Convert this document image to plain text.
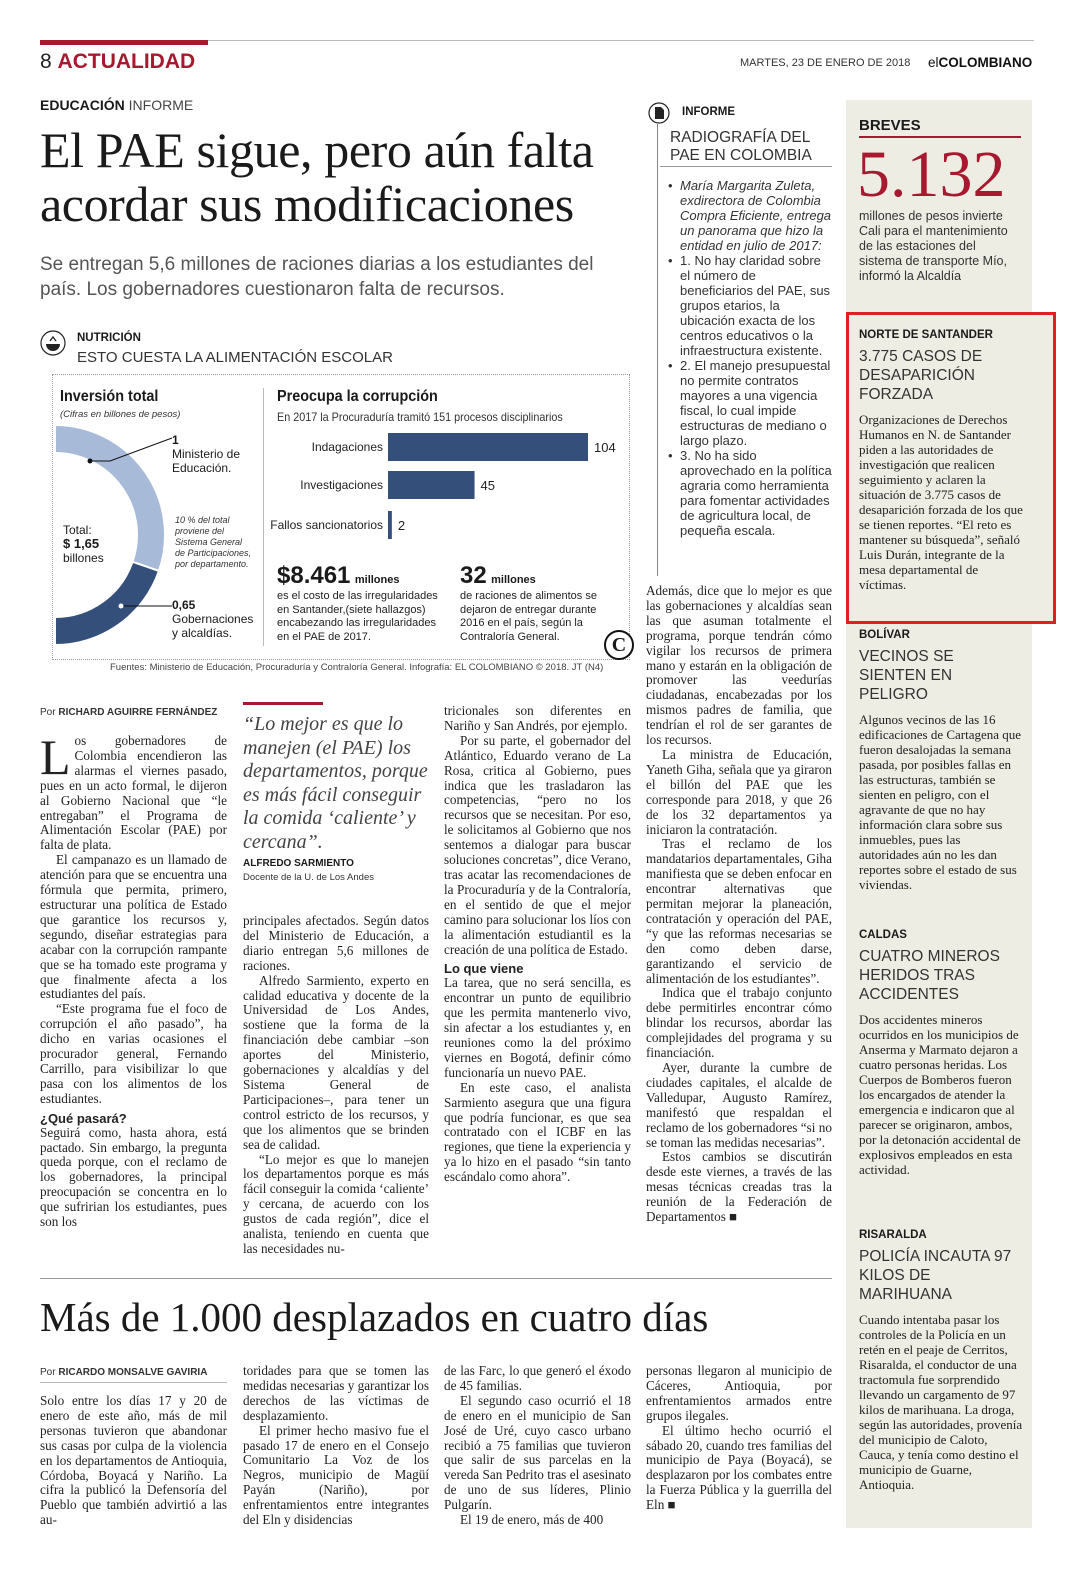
8 ACTUALIDAD	MARTES, 23 DE ENERO DE 2018 elCOLOMBIANO
EDUCACIÓN INFORME
El PAE sigue, pero aún falta acordar sus modificaciones
Se entregan 5,6 millones de raciones diarias a los estudiantes del país. Los gobernadores cuestionaron falta de recursos.
NUTRICIÓN
ESTO CUESTA LA ALIMENTACIÓN ESCOLAR
Inversión total
(Cifras en billones de pesos)
Total:
$ 1,65
billones
1
Ministerio de
Educación.
10 % del total
proviene del
Sistema General
de Participaciones,
por departamento.
0,65
Gobernaciones
y alcaldías.
Preocupa la corrupción
En 2017 la Procuraduría tramitó 151 procesos disciplinarios
Indagaciones	104
Investigaciones	45
Fallos sancionatorios 2
$8.461 millones
es el costo de las irregularidades en Santander,(siete hallazgos) encabezando las irregularidades en el PAE de 2017.
32 millones
de raciones de alimentos se dejaron de entregar durante 2016 en el país, según la Contraloría General.	C
Fuentes: Ministerio de Educación, Procuraduría y Contraloría General. Infografía: EL COLOMBIANO © 2018. JT (N4)
INFORME
RADIOGRAFÍA DEL PAE EN COLOMBIA
• María Margarita Zuleta, exdirectora de Colombia Compra Eficiente, entrega un panorama que hizo la entidad en julio de 2017:
• 1. No hay claridad sobre el número de beneficiarios del PAE, sus grupos etarios, la ubicación exacta de los centros educativos o la infraestructura existente.
• 2. El manejo presupuestal no permite contratos mayores a una vigencia fiscal, lo cual impide estructuras de mediano o largo plazo.
• 3. No ha sido aprovechado en la política agraria como herramienta para fomentar actividades de agricultura local, de pequeña escala.
Por RICHARD AGUIRRE FERNÁNDEZ

Los gobernadores de Colombia encendieron las alarmas el viernes pasado, pues en un acto formal, le dijeron al Gobierno Nacional que “le entregaban” el Programa de Alimentación Escolar (PAE) por falta de plata.

El campanazo es un llamado de atención para que se encuentra una fórmula que permita, primero, estructurar una política de Estado que garantice los recursos y, segundo, diseñar estrategias para acabar con la corrupción rampante que se ha tomado este programa y que finalmente afecta a los estudiantes del país.

“Este programa fue el foco de corrupción el año pasado”, ha dicho en varias ocasiones el procurador general, Fernando Carrillo, para visibilizar lo que pasa con los alimentos de los estudiantes.

¿Qué pasará?

Seguirá como, hasta ahora, está pactado. Sin embargo, la pregunta queda porque, con el reclamo de los gobernadores, la principal preocupación se concentra en lo que sufririan los estudiantes, pues son los

“Lo mejor es que lo manejen (el PAE) los departamentos, porque es más fácil conseguir la comida ‘caliente’ y cercana”.
ALFREDO SARMIENTO
Docente de la U. de Los Andes

principales afectados. Según datos del Ministerio de Educación, a diario entregan 5,6 millones de raciones.

Alfredo Sarmiento, experto en calidad educativa y docente de la Universidad de Los Andes, sostiene que la forma de la financiación debe cambiar –son aportes del Ministerio, gobernaciones y alcaldías y del Sistema General de Participaciones–, para tener un control estricto de los recursos, y que los alimentos que se brinden sea de calidad.

“Lo mejor es que lo manejen los departamentos porque es más fácil conseguir la comida ‘caliente’ y cercana, de acuerdo con los gustos de cada región”, dice el analista, teniendo en cuenta que las necesidades nu-

tricionales son diferentes en Nariño y San Andrés, por ejemplo.

Por su parte, el gobernador del Atlántico, Eduardo verano de La Rosa, critica al Gobierno, pues indica que les trasladaron las competencias, “pero no los recursos que se necesitan. Por eso, le solicitamos al Gobierno que nos sentemos a dialogar para buscar soluciones concretas”, dice Verano, tras acatar las recomendaciones de la Procuraduría y de la Contraloría, en el sentido de que el mejor camino para solucionar los líos con la alimentación estudiantil es la creación de una política de Estado.

Lo que viene

La tarea, que no será sencilla, es encontrar un punto de equilibrio que les permita mantenerlo vivo, sin afectar a los estudiantes y, en reuniones como la del próximo viernes en Bogotá, definir cómo funcionaría un nuevo PAE.

En este caso, el analista Sarmiento asegura que una figura que podría funcionar, es que sea contratado con el ICBF en las regiones, que tiene la experiencia y ya lo hizo en el pasado “sin tanto escándalo como ahora”.

Además, dice que lo mejor es que las gobernaciones y alcaldías sean las que asuman totalmente el programa, porque tendrán cómo vigilar los recursos de primera mano y estarán en la obligación de promover las veedurías ciudadanas, encabezadas por los mismos padres de familia, que tendrían el rol de ser garantes de los recursos.

La ministra de Educación, Yaneth Giha, señala que ya giraron el billón del PAE que les corresponde para 2018, y que 26 de los 32 departamentos ya iniciaron la contratación.

Tras el reclamo de los mandatarios departamentales, Giha manifiesta que se deben enfocar en encontrar alternativas que permitan mejorar la planeación, contratación y operación del PAE, “y que las reformas necesarias se den como deben darse, garantizando el servicio de alimentación de los estudiantes”.

Indica que el trabajo conjunto debe permitirles encontrar cómo blindar los recursos, abordar las complejidades del programa y su financiación.

Ayer, durante la cumbre de ciudades capitales, el alcalde de Valledupar, Augusto Ramírez, manifestó que respaldan el reclamo de los gobernadores “si no se toman las medidas necesarias”.

Estos cambios se discutirán desde este viernes, a través de las mesas técnicas creadas tras la reunión de la Federación de Departamentos ■

Más de 1.000 desplazados en cuatro días
Por RICARDO MONSALVE GAVIRIA

Solo entre los días 17 y 20 de enero de este año, más de mil personas tuvieron que abandonar sus casas por culpa de la violencia en los departamentos de Antioquia, Córdoba, Boyacá y Nariño. La cifra la publicó la Defensoría del Pueblo que también advirtió a las au-

toridades para que se tomen las medidas necesarias y garantizar los derechos de las víctimas de desplazamiento.

El primer hecho masivo fue el pasado 17 de enero en el Consejo Comunitario La Voz de los Negros, municipio de Magüí Payán (Nariño), por enfrentamientos entre integrantes del Eln y disidencias

de las Farc, lo que generó el éxodo de 45 familias.

El segundo caso ocurrió el 18 de enero en el municipio de San José de Uré, cuyo casco urbano recibió a 75 familias que tuvieron que salir de sus parcelas en la vereda San Pedrito tras el asesinato de uno de sus líderes, Plinio Pulgarín.

El 19 de enero, más de 400

personas llegaron al municipio de Cáceres, Antioquia, por enfrentamientos armados entre grupos ilegales.

El último hecho ocurrió el sábado 20, cuando tres familias del municipio de Paya (Boyacá), se desplazaron por los combates entre la Fuerza Pública y la guerrilla del Eln ■

BREVES
5.132
millones de pesos invierte Cali para el mantenimiento de las estaciones del sistema de transporte Mío, informó la Alcaldía
NORTE DE SANTANDER
3.775 CASOS DE DESAPARICIÓN FORZADA
Organizaciones de Derechos Humanos en N. de Santander piden a las autoridades de investigación que realicen seguimiento y aclaren la situación de 3.775 casos de desaparición forzada de los que se tienen reportes. “El reto es mantener su búsqueda”, señaló Luis Durán, integrante de la mesa departamental de víctimas.
BOLÍVAR
VECINOS SE SIENTEN EN PELIGRO
Algunos vecinos de las 16 edificaciones de Cartagena que fueron desalojadas la semana pasada, por posibles fallas en las estructuras, también se sienten en peligro, con el agravante de que no hay información clara sobre sus inmuebles, pues las autoridades aún no les dan reportes sobre el estado de sus viviendas.
CALDAS
CUATRO MINEROS HERIDOS TRAS ACCIDENTES
Dos accidentes mineros ocurridos en los municipios de Anserma y Marmato dejaron a cuatro personas heridas. Los Cuerpos de Bomberos fueron los encargados de atender la emergencia e indicaron que al parecer se originaron, ambos, por la detonación accidental de explosivos empleados en esta actividad.
RISARALDA
POLICÍA INCAUTA 97 KILOS DE MARIHUANA
Cuando intentaba pasar los controles de la Policía en un retén en el peaje de Cerritos, Risaralda, el conductor de una tractomula fue sorprendido llevando un cargamento de 97 kilos de marihuana. La droga, según las autoridades, provenía del municipio de Caloto, Cauca, y tenía como destino el municipio de Guarne, Antioquia.
